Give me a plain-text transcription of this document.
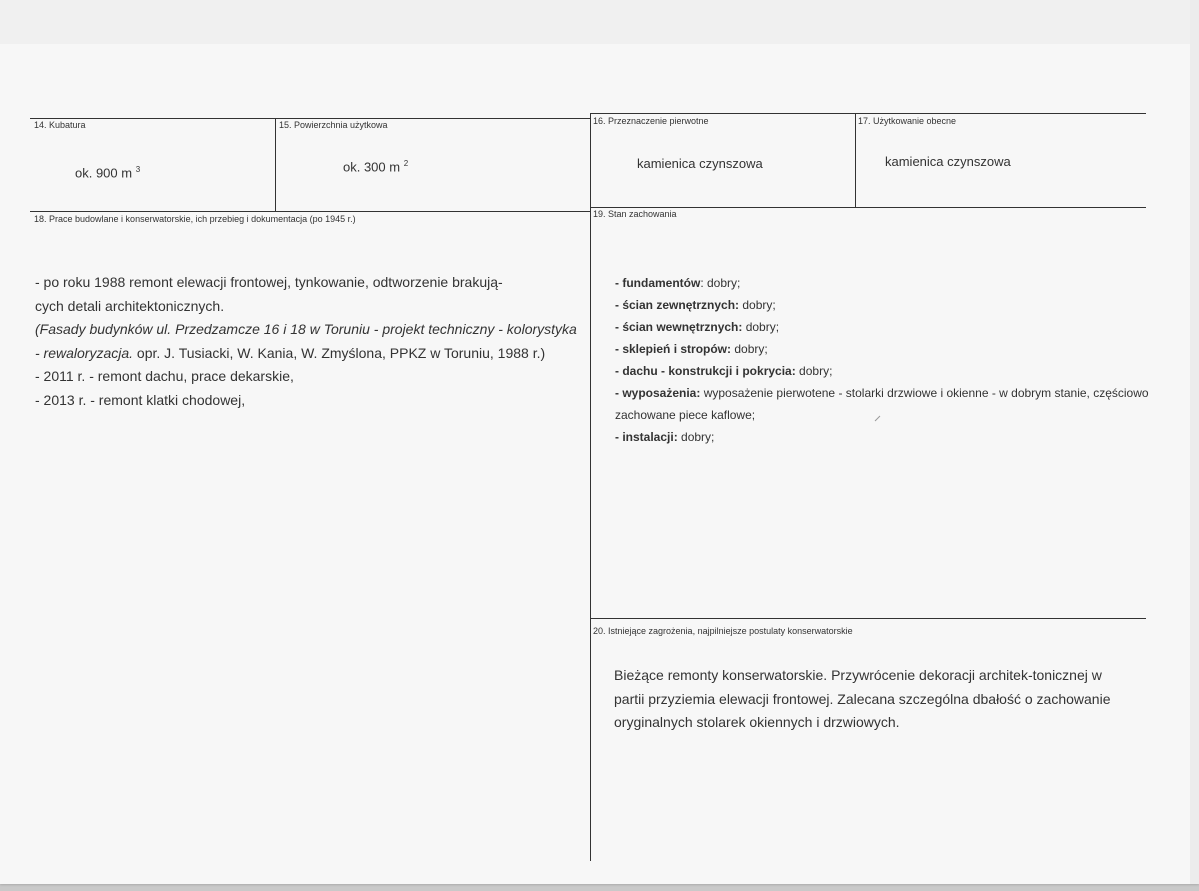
14. Kubatura	15. Powierzchnia użytkowa	16. Przeznaczenie pierwotne	17. Użytkowanie obecne
ok. 900 m $^3$	ok. 300 m $^2$	kamienica czynszowa	kamienica czynszowa
18. Prace budowlane i konserwatorskie, ich przebieg i dokumentacja (po 1945 r.)	19. Stan zachowania

- po roku 1988 remont elewacji frontowej, tynkowanie, odtworzenie brakują-

cych detali architektonicznych.

(Fasady budynków ul. Przedzamcze 16 i 18 w Toruniu - projekt techniczny - kolorystyka - rewaloryzacja. opr. J. Tusiacki, W. Kania, W. Zmyślona, PPKZ w Toruniu, 1988 r.)

- 2011 r. - remont dachu, prace dekarskie,

- 2013 r. - remont klatki chodowej,

- fundamentów: dobry;

- ścian zewnętrznych: dobry;

- ścian wewnętrznych: dobry;

- sklepień i stropów: dobry;

- dachu - konstrukcji i pokrycia: dobry;

- wyposażenia: wyposażenie pierwotene - stolarki drzwiowe i okienne - w dobrym stanie, częściowo zachowane piece kaflowe;

- instalacji: dobry;

20. Istniejące zagrożenia, najpilniejsze postulaty konserwatorskie
Bieżące remonty konserwatorskie. Przywrócenie dekoracji architek-tonicznej w partii przyziemia elewacji frontowej. Zalecana szczególna dbałość o zachowanie oryginalnych stolarek okiennych i drzwiowych.
